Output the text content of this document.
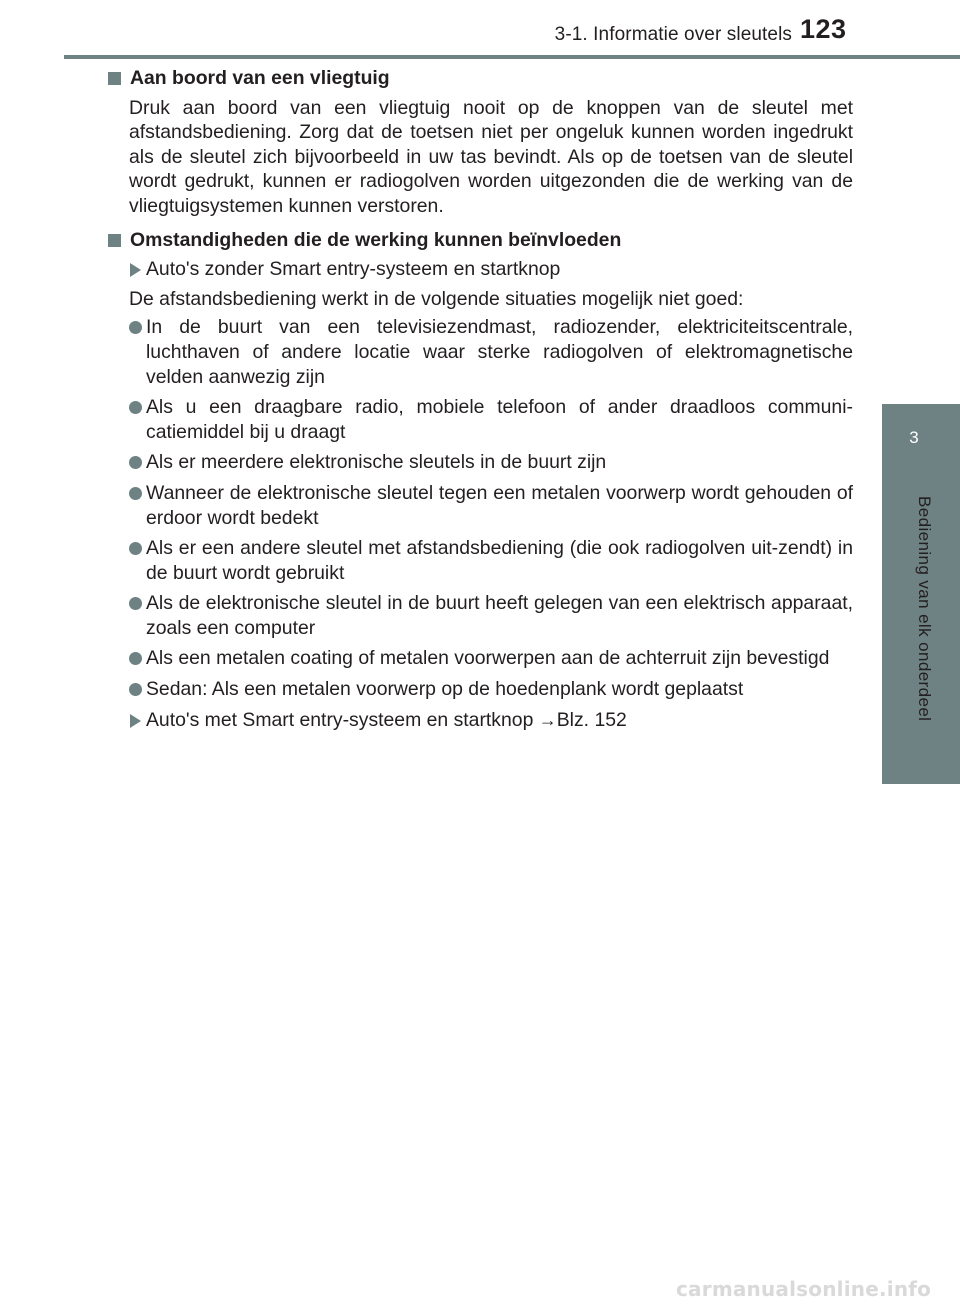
3-1. Informatie over sleutels 123
3
Bediening van elk onderdeel
Aan boord van een vliegtuig

Druk aan boord van een vliegtuig nooit op de knoppen van de sleutel met afstandsbediening. Zorg dat de toetsen niet per ongeluk kunnen worden ingedrukt als de sleutel zich bijvoorbeeld in uw tas bevindt. Als op de toetsen van de sleutel wordt gedrukt, kunnen er radiogolven worden uitgezonden die de werking van de vliegtuigsystemen kunnen verstoren.

Omstandigheden die de werking kunnen beïnvloeden
Auto's zonder Smart entry-systeem en startknop

De afstandsbediening werkt in de volgende situaties mogelijk niet goed:

In de buurt van een televisiezendmast, radiozender, elektriciteitscentrale, luchthaven of andere locatie waar sterke radiogolven of elektromagnetische velden aanwezig zijn
Als u een draagbare radio, mobiele telefoon of ander draadloos communi-catiemiddel bij u draagt
Als er meerdere elektronische sleutels in de buurt zijn
Wanneer de elektronische sleutel tegen een metalen voorwerp wordt gehouden of erdoor wordt bedekt
Als er een andere sleutel met afstandsbediening (die ook radiogolven uit-zendt) in de buurt wordt gebruikt
Als de elektronische sleutel in de buurt heeft gelegen van een elektrisch apparaat, zoals een computer
Als een metalen coating of metalen voorwerpen aan de achterruit zijn bevestigd
Sedan: Als een metalen voorwerp op de hoedenplank wordt geplaatst
Auto's met Smart entry-systeem en startknop →Blz. 152
carmanualsonline.info
